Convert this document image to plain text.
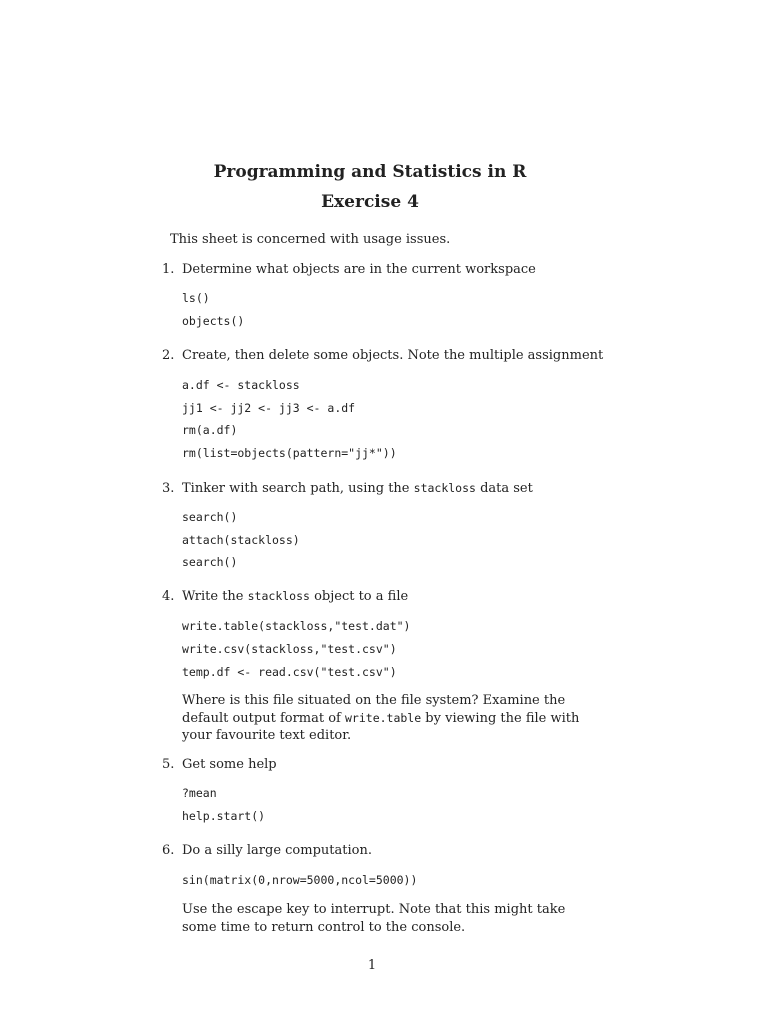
Programming and Statistics in R
Exercise 4
This sheet is concerned with usage issues.
1. Determine what objects are in the current workspace
ls()
objects()
2. Create, then delete some objects. Note the multiple assignment
a.df <- stackloss
jj1 <- jj2 <- jj3 <- a.df
rm(a.df)
rm(list=objects(pattern="jj*"))
3. Tinker with search path, using the stackloss data set
search()
attach(stackloss)
search()
4. Write the stackloss object to a file
write.table(stackloss,"test.dat")
write.csv(stackloss,"test.csv")
temp.df <- read.csv("test.csv")
Where is this file situated on the file system? Examine the default output format of write.table by viewing the file with your favourite text editor.
5. Get some help
?mean
help.start()
6. Do a silly large computation.
sin(matrix(0,nrow=5000,ncol=5000))
Use the escape key to interrupt. Note that this might take some time to return control to the console.
1
